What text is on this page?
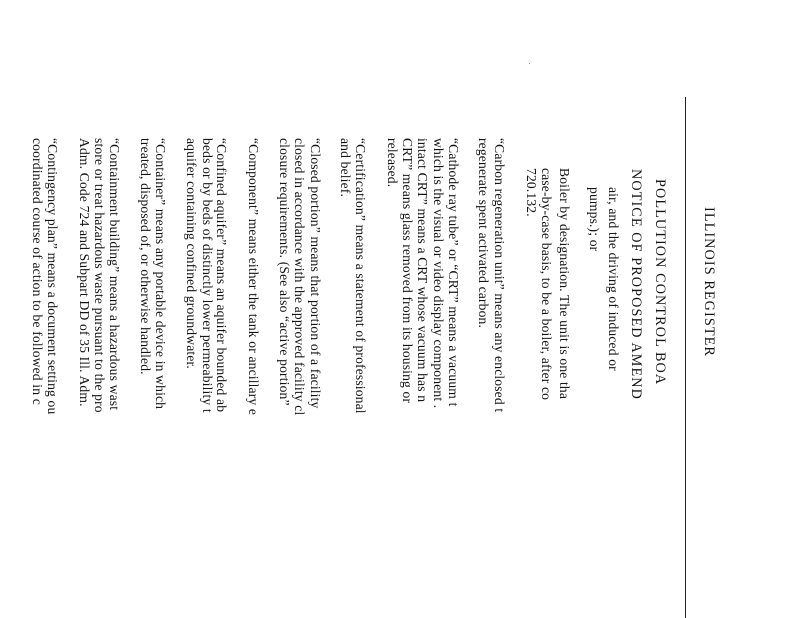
ILLINOIS REGISTER
POLLUTION CONTROL BOA
NOTICE OF PROPOSED AMEND
air, and the driving of induced or
pumps.); or
Boiler by designation. The unit is one tha
case-by-case basis, to be a boiler, after co
720.132.
“Carbon regeneration unit” means any enclosed t
regenerate spent activated carbon.
“Cathode ray tube” or “CRT” means a vacuum t
which is the visual or video display component .
intact CRT” means a CRT whose vacuum has n
CRT” means glass removed from its housing or
released.
“Certification” means a statement of professional
and belief.
“Closed portion” means that portion of a facility
closed in accordance with the approved facility cl
closure requirements. (See also “active portion”
“Component” means either the tank or ancillary e
“Confined aquifer” means an aquifer bounded ab
beds or by beds of distinctly lower permeability t
aquifer containing confined groundwater.
“Container” means any portable device in which
treated, disposed of, or otherwise handled.
“Containment building” means a hazardous wast
store or treat hazardous waste pursuant to the pro
Adm. Code 724 and Subpart DD of 35 Ill. Adm.
“Contingency plan” means a document setting ou
coordinated course of action to be followed in c
